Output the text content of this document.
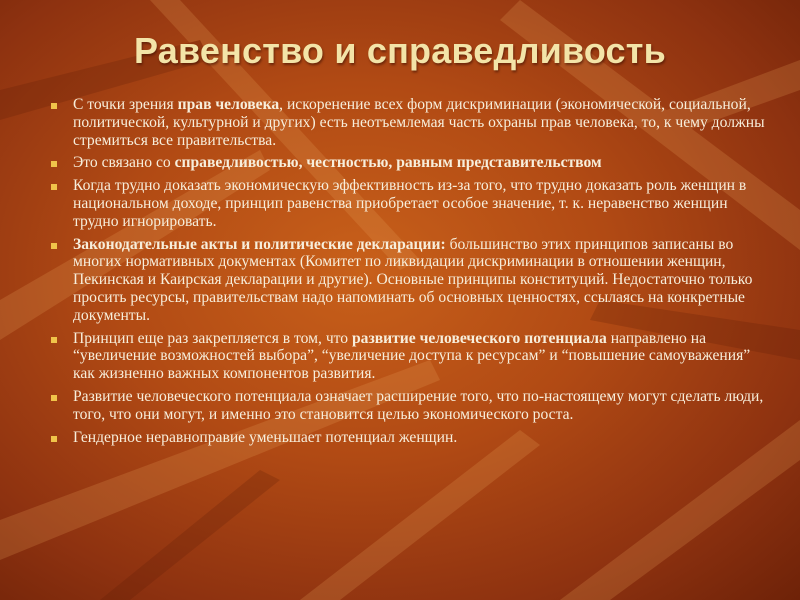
Равенство и справедливость
С точки зрения прав человека, искоренение всех форм дискриминации (экономической, социальной, политической, культурной и других) есть неотъемлемая часть охраны прав человека, то, к чему должны стремиться все правительства.
Это связано со справедливостью, честностью, равным представительством
Когда трудно доказать экономическую эффективность из-за того, что трудно доказать роль женщин в национальном доходе, принцип равенства приобретает особое значение, т. к. неравенство женщин трудно игнорировать.
Законодательные акты и политические декларации: большинство этих принципов записаны во многих нормативных документах (Комитет по ликвидации дискриминации в отношении женщин, Пекинская и Каирская декларации и другие). Основные принципы конституций. Недостаточно только просить ресурсы, правительствам надо напоминать об основных ценностях, ссылаясь на конкретные документы.
Принцип еще раз закрепляется в том, что развитие человеческого потенциала направлено на “увеличение возможностей выбора”, “увеличение доступа к ресурсам” и “повышение самоуважения” как жизненно важных компонентов развития.
Развитие человеческого потенциала означает расширение того, что по-настоящему могут сделать люди, того, что они могут, и именно это становится целью экономического роста.
Гендерное неравноправие уменьшает потенциал женщин.
